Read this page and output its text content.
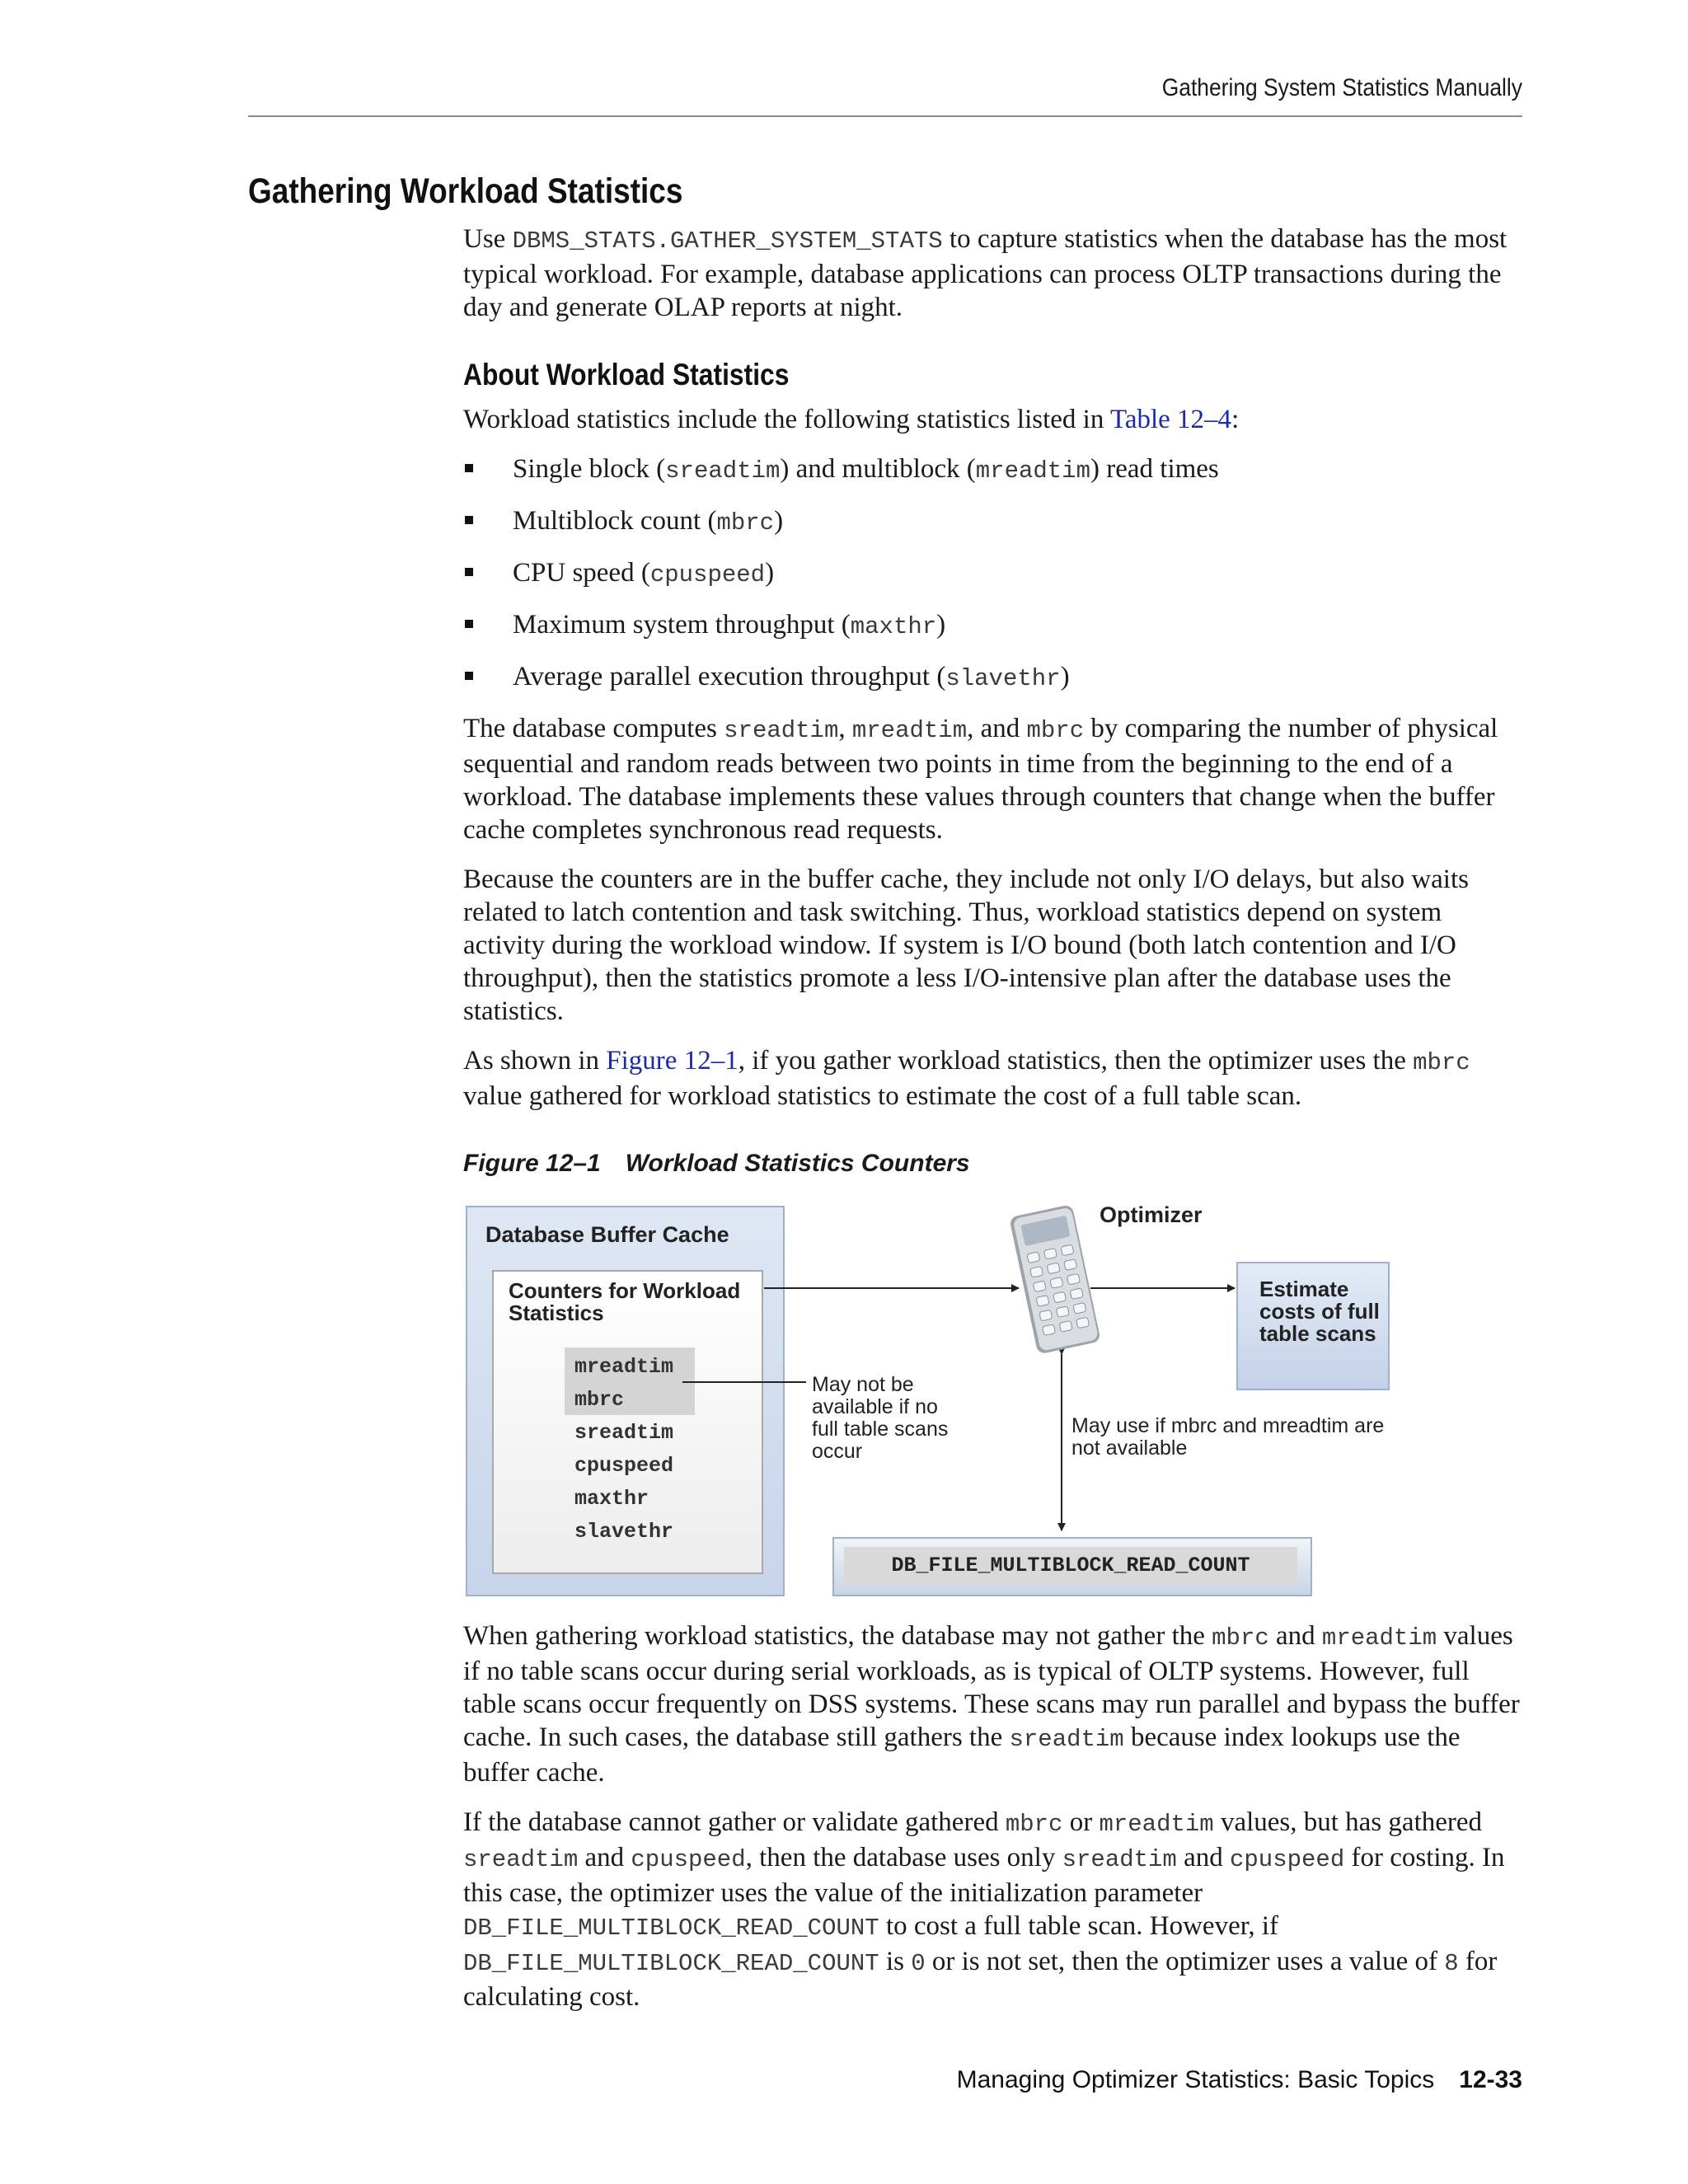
Gathering System Statistics Manually
Gathering Workload Statistics

Use DBMS_STATS.GATHER_SYSTEM_STATS to capture statistics when the database has the most typical workload. For example, database applications can process OLTP transactions during the day and generate OLAP reports at night.

About Workload Statistics

Workload statistics include the following statistics listed in Table 12–4:

Single block (sreadtim) and multiblock (mreadtim) read times
Multiblock count (mbrc)
CPU speed (cpuspeed)
Maximum system throughput (maxthr)
Average parallel execution throughput (slavethr)

The database computes sreadtim, mreadtim, and mbrc by comparing the number of physical sequential and random reads between two points in time from the beginning to the end of a workload. The database implements these values through counters that change when the buffer cache completes synchronous read requests.

Because the counters are in the buffer cache, they include not only I/O delays, but also waits related to latch contention and task switching. Thus, workload statistics depend on system activity during the workload window. If system is I/O bound (both latch contention and I/O throughput), then the statistics promote a less I/O-intensive plan after the database uses the statistics.

As shown in Figure 12–1, if you gather workload statistics, then the optimizer uses the mbrc value gathered for workload statistics to estimate the cost of a full table scan.

Figure 12–1 Workload Statistics Counters

Database Buffer Cache
Counters for Workload Statistics
mreadtim
mbrc
sreadtim
cpuspeed
maxthr
slavethr
Optimizer
May not be available if no full table scans occur
May use if mbrc and mreadtim are not available
Estimate costs of full table scans
DB_FILE_MULTIBLOCK_READ_COUNT

When gathering workload statistics, the database may not gather the mbrc and mreadtim values if no table scans occur during serial workloads, as is typical of OLTP systems. However, full table scans occur frequently on DSS systems. These scans may run parallel and bypass the buffer cache. In such cases, the database still gathers the sreadtim because index lookups use the buffer cache.

If the database cannot gather or validate gathered mbrc or mreadtim values, but has gathered sreadtim and cpuspeed, then the database uses only sreadtim and cpuspeed for costing. In this case, the optimizer uses the value of the initialization parameter DB_FILE_MULTIBLOCK_READ_COUNT to cost a full table scan. However, if DB_FILE_MULTIBLOCK_READ_COUNT is 0 or is not set, then the optimizer uses a value of 8 for calculating cost.

Managing Optimizer Statistics: Basic Topics 12-33
